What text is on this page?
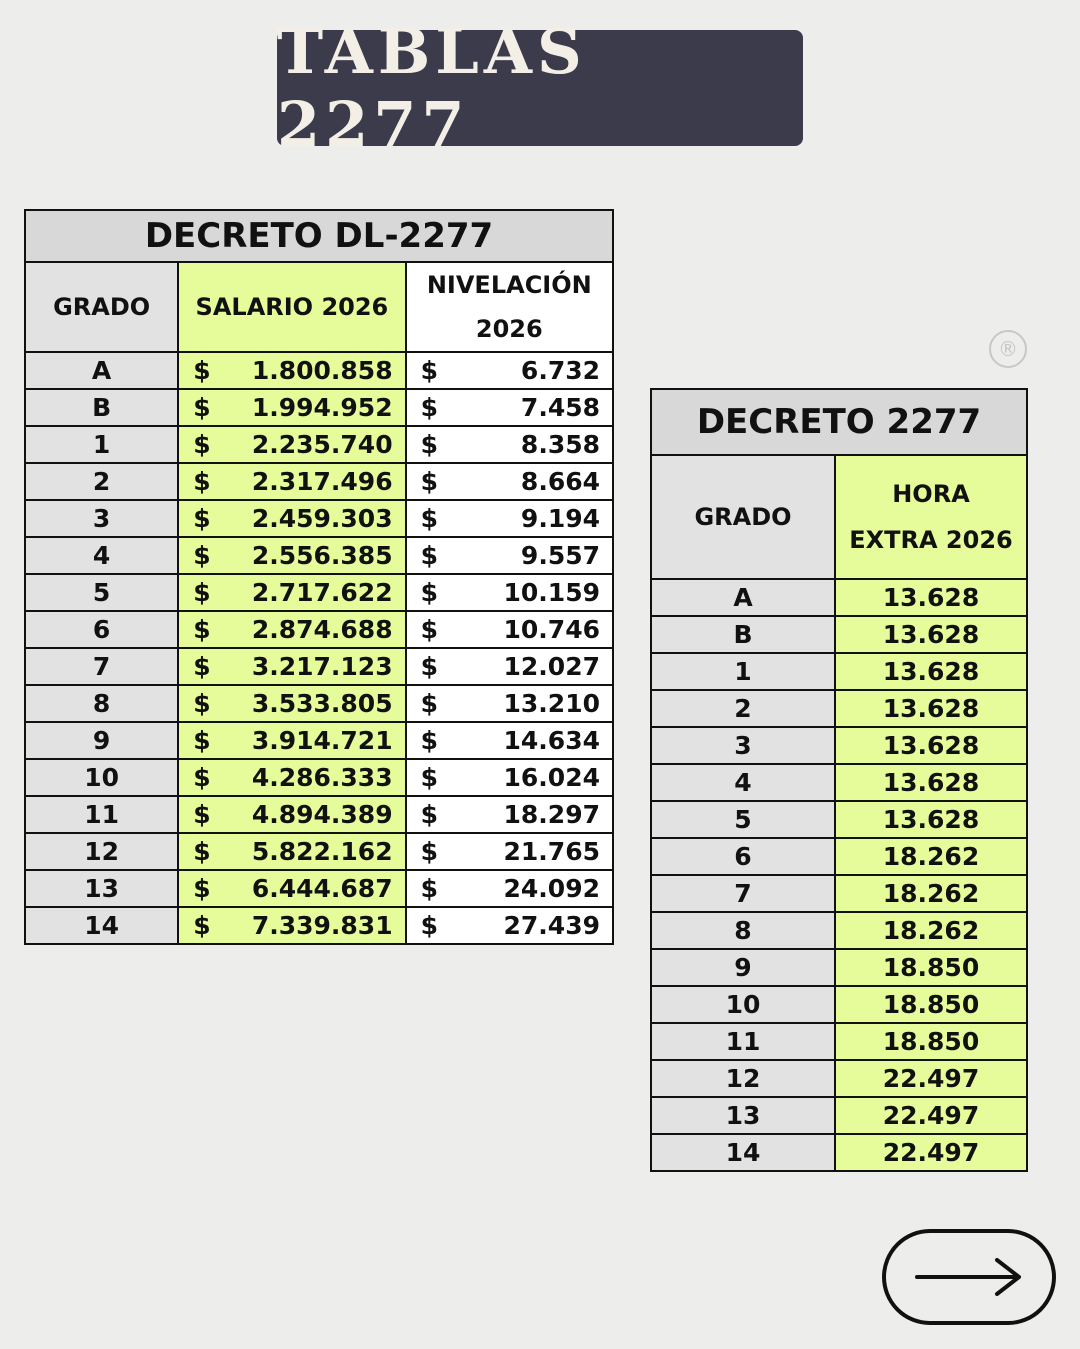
TABLAS 2277
®
DECRETO DL-2277		
GRADO	SALARIO 2026	NIVELACIÓN
2026

A	$ 1.800.858	$ 6.732

B	$ 1.994.952	$ 7.458

1	$ 2.235.740	$ 8.358

2	$ 2.317.496	$ 8.664

3	$ 2.459.303	$ 9.194

4	$ 2.556.385	$ 9.557

5	$ 2.717.622	$ 10.159

6	$ 2.874.688	$ 10.746

7	$ 3.217.123	$ 12.027

8	$ 3.533.805	$ 13.210

9	$ 3.914.721	$ 14.634

10	$ 4.286.333	$ 16.024

11	$ 4.894.389	$ 18.297

12	$ 5.822.162	$ 21.765

13	$ 6.444.687	$ 24.092

14	$ 7.339.831	$ 27.439
DECRETO 2277	
GRADO	HORA
EXTRA 2026

A	13.628
B	13.628
1	13.628
2	13.628
3	13.628
4	13.628
5	13.628
6	18.262
7	18.262
8	18.262
9	18.850
10	18.850
11	18.850
12	22.497
13	22.497
14	22.497
